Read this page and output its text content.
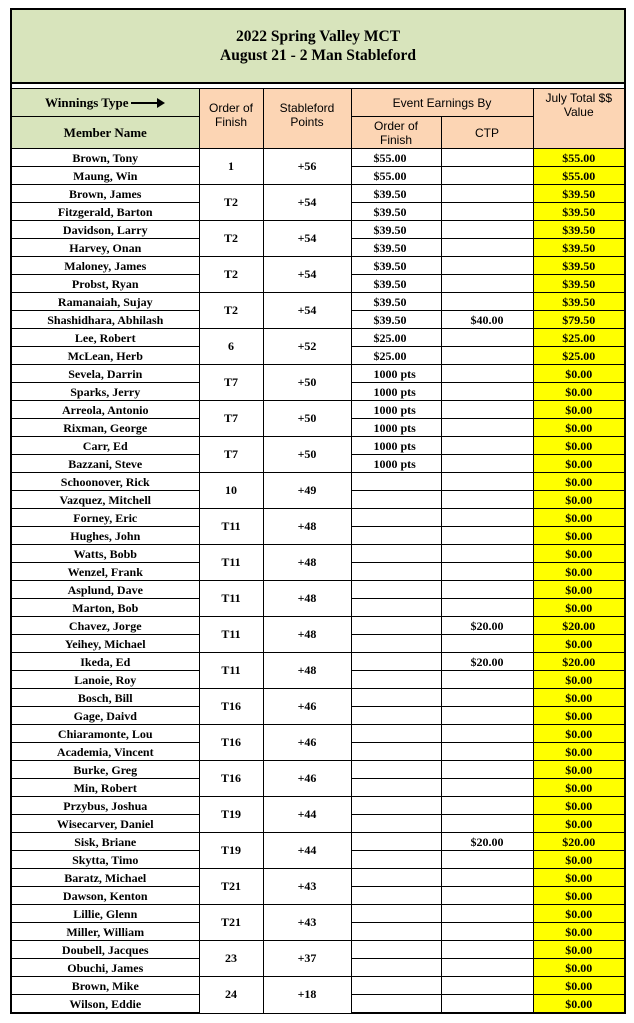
2022 Spring Valley MCT
August 21 - 2 Man Stableford					

Winnings Type	Order of Finish	Stableford Points	Event Earnings By		July Total $$ Value
Member Name			Order of Finish	CTP	
Brown, Tony	1	+56	$55.00		$55.00
Maung, Win			$55.00		$55.00
Brown, James	T2	+54	$39.50		$39.50
Fitzgerald, Barton			$39.50		$39.50
Davidson, Larry	T2	+54	$39.50		$39.50
Harvey, Onan			$39.50		$39.50
Maloney, James	T2	+54	$39.50		$39.50
Probst, Ryan			$39.50		$39.50
Ramanaiah, Sujay	T2	+54	$39.50		$39.50
Shashidhara, Abhilash			$39.50	$40.00	$79.50
Lee, Robert	6	+52	$25.00		$25.00
McLean, Herb			$25.00		$25.00
Sevela, Darrin	T7	+50	1000 pts		$0.00
Sparks, Jerry			1000 pts		$0.00
Arreola, Antonio	T7	+50	1000 pts		$0.00
Rixman, George			1000 pts		$0.00
Carr, Ed	T7	+50	1000 pts		$0.00
Bazzani, Steve			1000 pts		$0.00
Schoonover, Rick	10	+49			$0.00
Vazquez, Mitchell					$0.00
Forney, Eric	T11	+48			$0.00
Hughes, John					$0.00
Watts, Bobb	T11	+48			$0.00
Wenzel, Frank					$0.00
Asplund, Dave	T11	+48			$0.00
Marton, Bob					$0.00
Chavez, Jorge	T11	+48		$20.00	$20.00
Yeihey, Michael					$0.00
Ikeda, Ed	T11	+48		$20.00	$20.00
Lanoie, Roy					$0.00
Bosch, Bill	T16	+46			$0.00
Gage, Daivd					$0.00
Chiaramonte, Lou	T16	+46			$0.00
Academia, Vincent					$0.00
Burke, Greg	T16	+46			$0.00
Min, Robert					$0.00
Przybus, Joshua	T19	+44			$0.00
Wisecarver, Daniel					$0.00
Sisk, Briane	T19	+44		$20.00	$20.00
Skytta, Timo					$0.00
Baratz, Michael	T21	+43			$0.00
Dawson, Kenton					$0.00
Lillie, Glenn	T21	+43			$0.00
Miller, William					$0.00
Doubell, Jacques	23	+37			$0.00
Obuchi, James					$0.00
Brown, Mike	24	+18			$0.00
Wilson, Eddie					$0.00
